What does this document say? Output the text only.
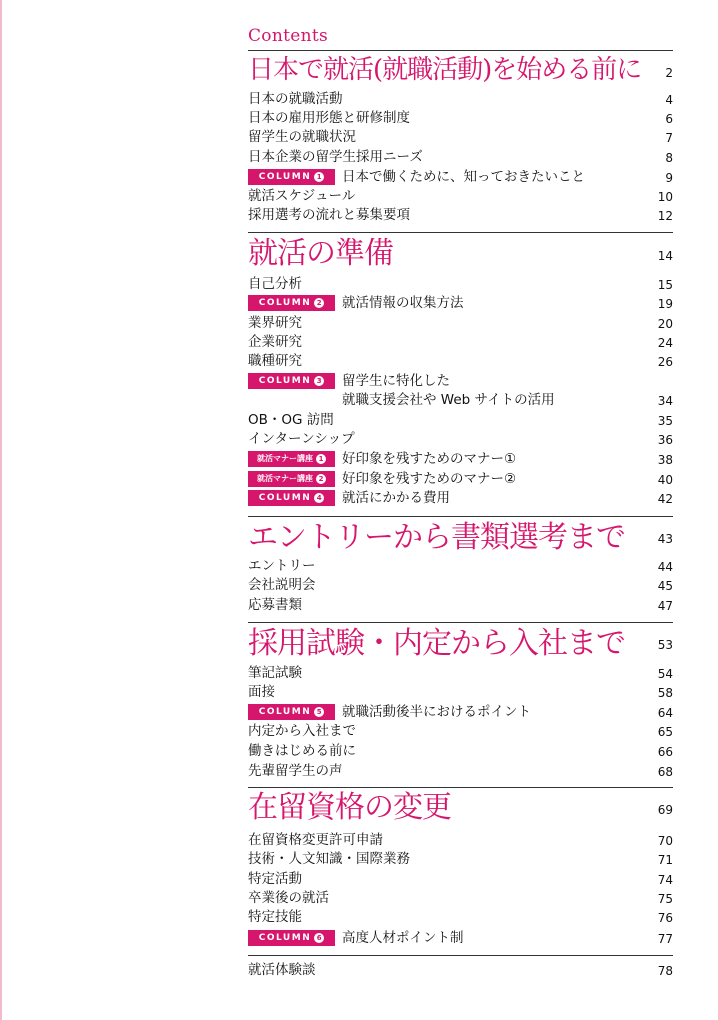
Contents
日本で就活(就職活動)を始める前に 2
日本の就職活動	4
日本の雇用形態と研修制度	6
留学生の就職状況	7
日本企業の留学生採用ニーズ	8
COLUMN 1	日本で働くために、知っておきたいこと	9
就活スケジュール	10
採用選考の流れと募集要項	12
就活の準備	14
自己分析	15
COLUMN 2	就活情報の収集方法	19
業界研究	20
企業研究	24
職種研究	26
COLUMN 3	留学生に特化した
就職支援会社や Web サイトの活用	34
OB・OG 訪問	35
インターンシップ	36
就活マナー講座 1	好印象を残すためのマナー①	38
就活マナー講座 2	好印象を残すためのマナー②	40
COLUMN 4	就活にかかる費用	42
エントリーから書類選考まで	43
エントリー	44
会社説明会	45
応募書類	47
採用試験・内定から入社まで	53
筆記試験	54
面接	58
COLUMN 5	就職活動後半におけるポイント	64
内定から入社まで	65
働きはじめる前に	66
先輩留学生の声	68
在留資格の変更	69
在留資格変更許可申請	70
技術・人文知識・国際業務	71
特定活動	74
卒業後の就活	75
特定技能	76
COLUMN 6	高度人材ポイント制	77
就活体験談	78
